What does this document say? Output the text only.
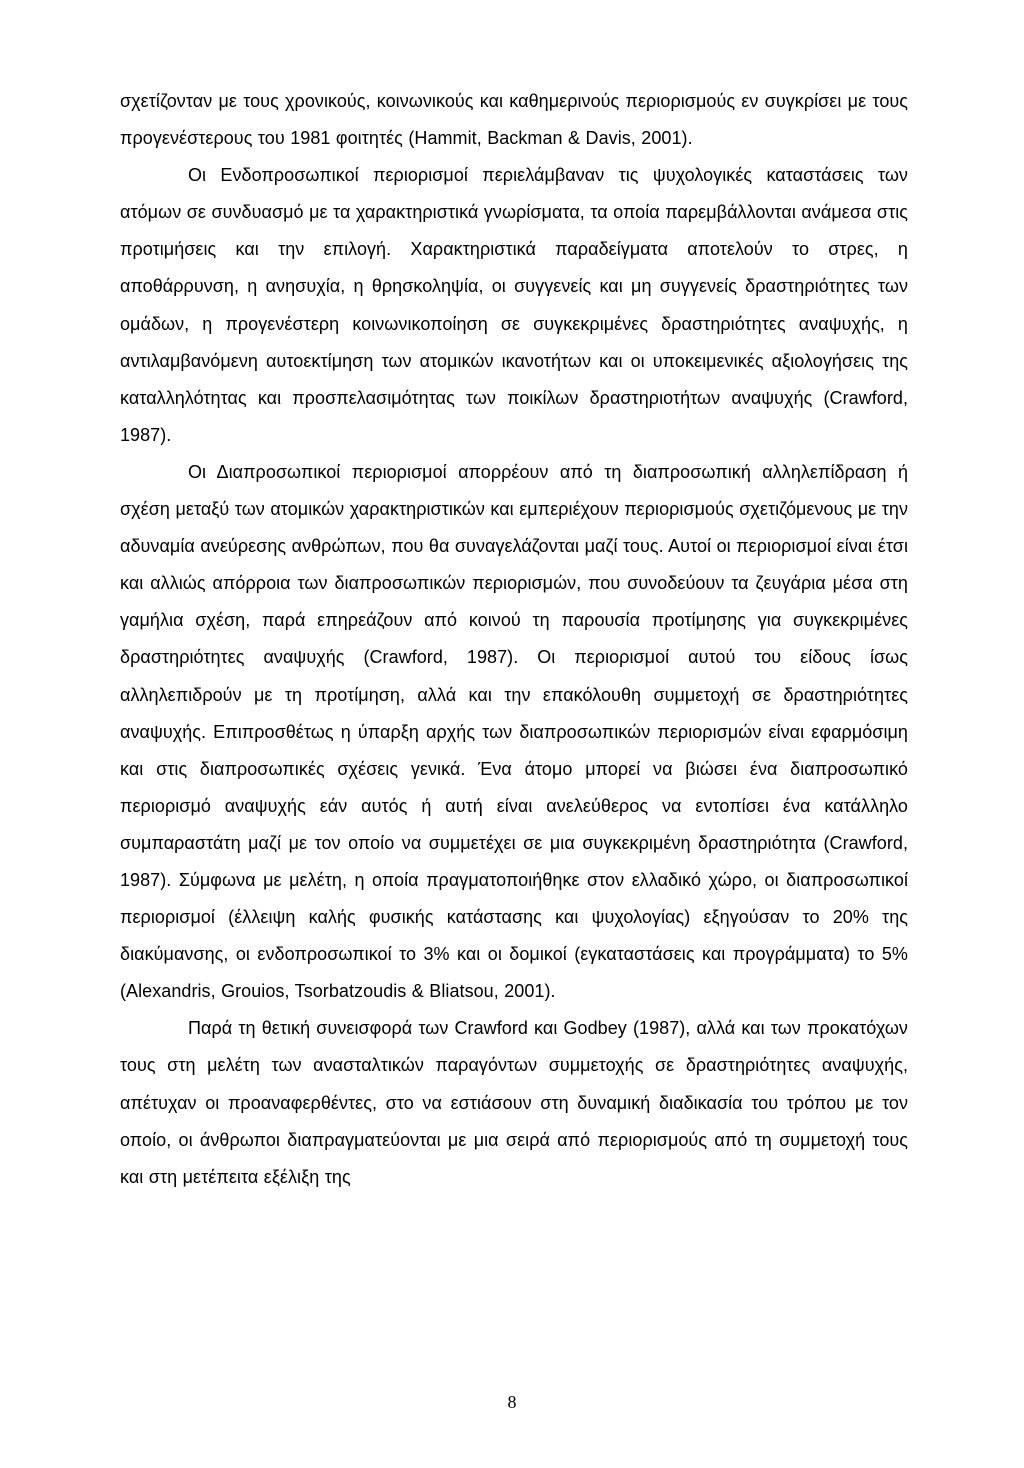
σχετίζονταν με τους χρονικούς, κοινωνικούς και καθημερινούς περιορισμούς εν συγκρίσει με τους προγενέστερους του 1981 φοιτητές (Hammit, Backman & Davis, 2001).

Οι Ενδοπροσωπικοί περιορισμοί περιελάμβαναν τις ψυχολογικές καταστάσεις των ατόμων σε συνδυασμό με τα χαρακτηριστικά γνωρίσματα, τα οποία παρεμβάλλονται ανάμεσα στις προτιμήσεις και την επιλογή. Χαρακτηριστικά παραδείγματα αποτελούν το στρες, η αποθάρρυνση, η ανησυχία, η θρησκοληψία, οι συγγενείς και μη συγγενείς δραστηριότητες των ομάδων, η προγενέστερη κοινωνικοποίηση σε συγκεκριμένες δραστηριότητες αναψυχής, η αντιλαμβανόμενη αυτοεκτίμηση των ατομικών ικανοτήτων και οι υποκειμενικές αξιολογήσεις της καταλληλότητας και προσπελασιμότητας των ποικίλων δραστηριοτήτων αναψυχής (Crawford, 1987).

Οι Διαπροσωπικοί περιορισμοί απορρέουν από τη διαπροσωπική αλληλεπίδραση ή σχέση μεταξύ των ατομικών χαρακτηριστικών και εμπεριέχουν περιορισμούς σχετιζόμενους με την αδυναμία ανεύρεσης ανθρώπων, που θα συναγελάζονται μαζί τους. Αυτοί οι περιορισμοί είναι έτσι και αλλιώς απόρροια των διαπροσωπικών περιορισμών, που συνοδεύουν τα ζευγάρια μέσα στη γαμήλια σχέση, παρά επηρεάζουν από κοινού τη παρουσία προτίμησης για συγκεκριμένες δραστηριότητες αναψυχής (Crawford, 1987). Οι περιορισμοί αυτού του είδους ίσως αλληλεπιδρούν με τη προτίμηση, αλλά και την επακόλουθη συμμετοχή σε δραστηριότητες αναψυχής. Επιπροσθέτως η ύπαρξη αρχής των διαπροσωπικών περιορισμών είναι εφαρμόσιμη και στις διαπροσωπικές σχέσεις γενικά. Ένα άτομο μπορεί να βιώσει ένα διαπροσωπικό περιορισμό αναψυχής εάν αυτός ή αυτή είναι ανελεύθερος να εντοπίσει ένα κατάλληλο συμπαραστάτη μαζί με τον οποίο να συμμετέχει σε μια συγκεκριμένη δραστηριότητα (Crawford, 1987). Σύμφωνα με μελέτη, η οποία πραγματοποιήθηκε στον ελλαδικό χώρο, οι διαπροσωπικοί περιορισμοί (έλλειψη καλής φυσικής κατάστασης και ψυχολογίας) εξηγούσαν το 20% της διακύμανσης, οι ενδοπροσωπικοί το 3% και οι δομικοί (εγκαταστάσεις και προγράμματα) το 5% (Alexandris, Grouios, Tsorbatzoudis & Bliatsou, 2001).

Παρά τη θετική συνεισφορά των Crawford και Godbey (1987), αλλά και των προκατόχων τους στη μελέτη των ανασταλτικών παραγόντων συμμετοχής σε δραστηριότητες αναψυχής, απέτυχαν οι προαναφερθέντες, στο να εστιάσουν στη δυναμική διαδικασία του τρόπου με τον οποίο, οι άνθρωποι διαπραγματεύονται με μια σειρά από περιορισμούς από τη συμμετοχή τους και στη μετέπειτα εξέλιξη της

8
